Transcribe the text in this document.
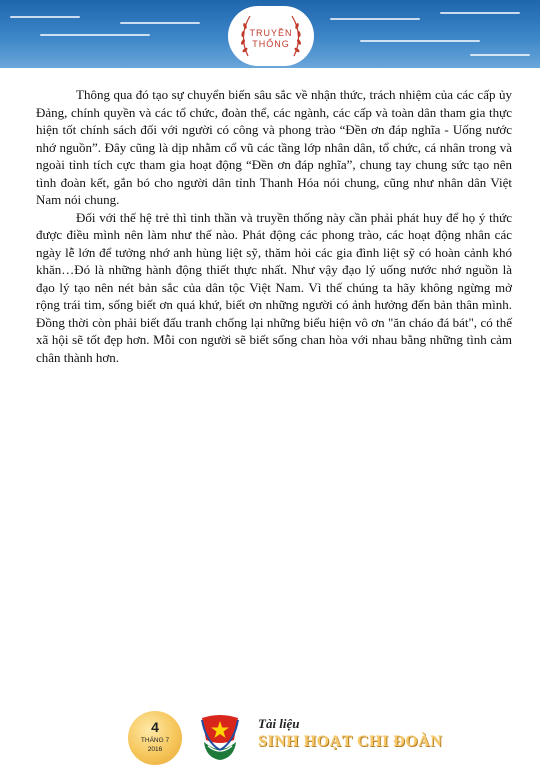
TRUYỀN
THỐNG

Thông qua đó tạo sự chuyển biến sâu sắc về nhận thức, trách nhiệm của các cấp ủy Đảng, chính quyền và các tổ chức, đoàn thể, các ngành, các cấp và toàn dân tham gia thực hiện tốt chính sách đối với người có công và phong trào “Đền ơn đáp nghĩa - Uống nước nhớ nguồn”. Đây cũng là dịp nhằm cổ vũ các tầng lớp nhân dân, tổ chức, cá nhân trong và ngoài tỉnh tích cực tham gia hoạt động “Đền ơn đáp nghĩa”, chung tay chung sức tạo nên tình đoàn kết, gắn bó cho người dân tỉnh Thanh Hóa nói chung, cũng như nhân dân Việt Nam nói chung.

Đối với thế hệ trẻ thì tinh thần và truyền thống này cần phải phát huy để họ ý thức được điều mình nên làm như thế nào. Phát động các phong trào, các hoạt động nhân các ngày lễ lớn để tưởng nhớ anh hùng liệt sỹ, thăm hỏi các gia đình liệt sỹ có hoàn cảnh khó khăn…Đó là những hành động thiết thực nhất. Như vậy đạo lý uống nước nhớ nguồn là đạo lý tạo nên nét bản sắc của dân tộc Việt Nam. Vì thế chúng ta hãy không ngừng mở rộng trái tim, sống biết ơn quá khứ, biết ơn những người có ảnh hưởng đến bản thân mình. Đồng thời còn phải biết đấu tranh chống lại những biểu hiện vô ơn "ăn cháo đá bát", có thế xã hội sẽ tốt đẹp hơn. Mỗi con người sẽ biết sống chan hòa với nhau bằng những tình cảm chân thành hơn.

4
THÁNG 7
2016
Tài liệu
SINH HOẠT CHI ĐOÀN
